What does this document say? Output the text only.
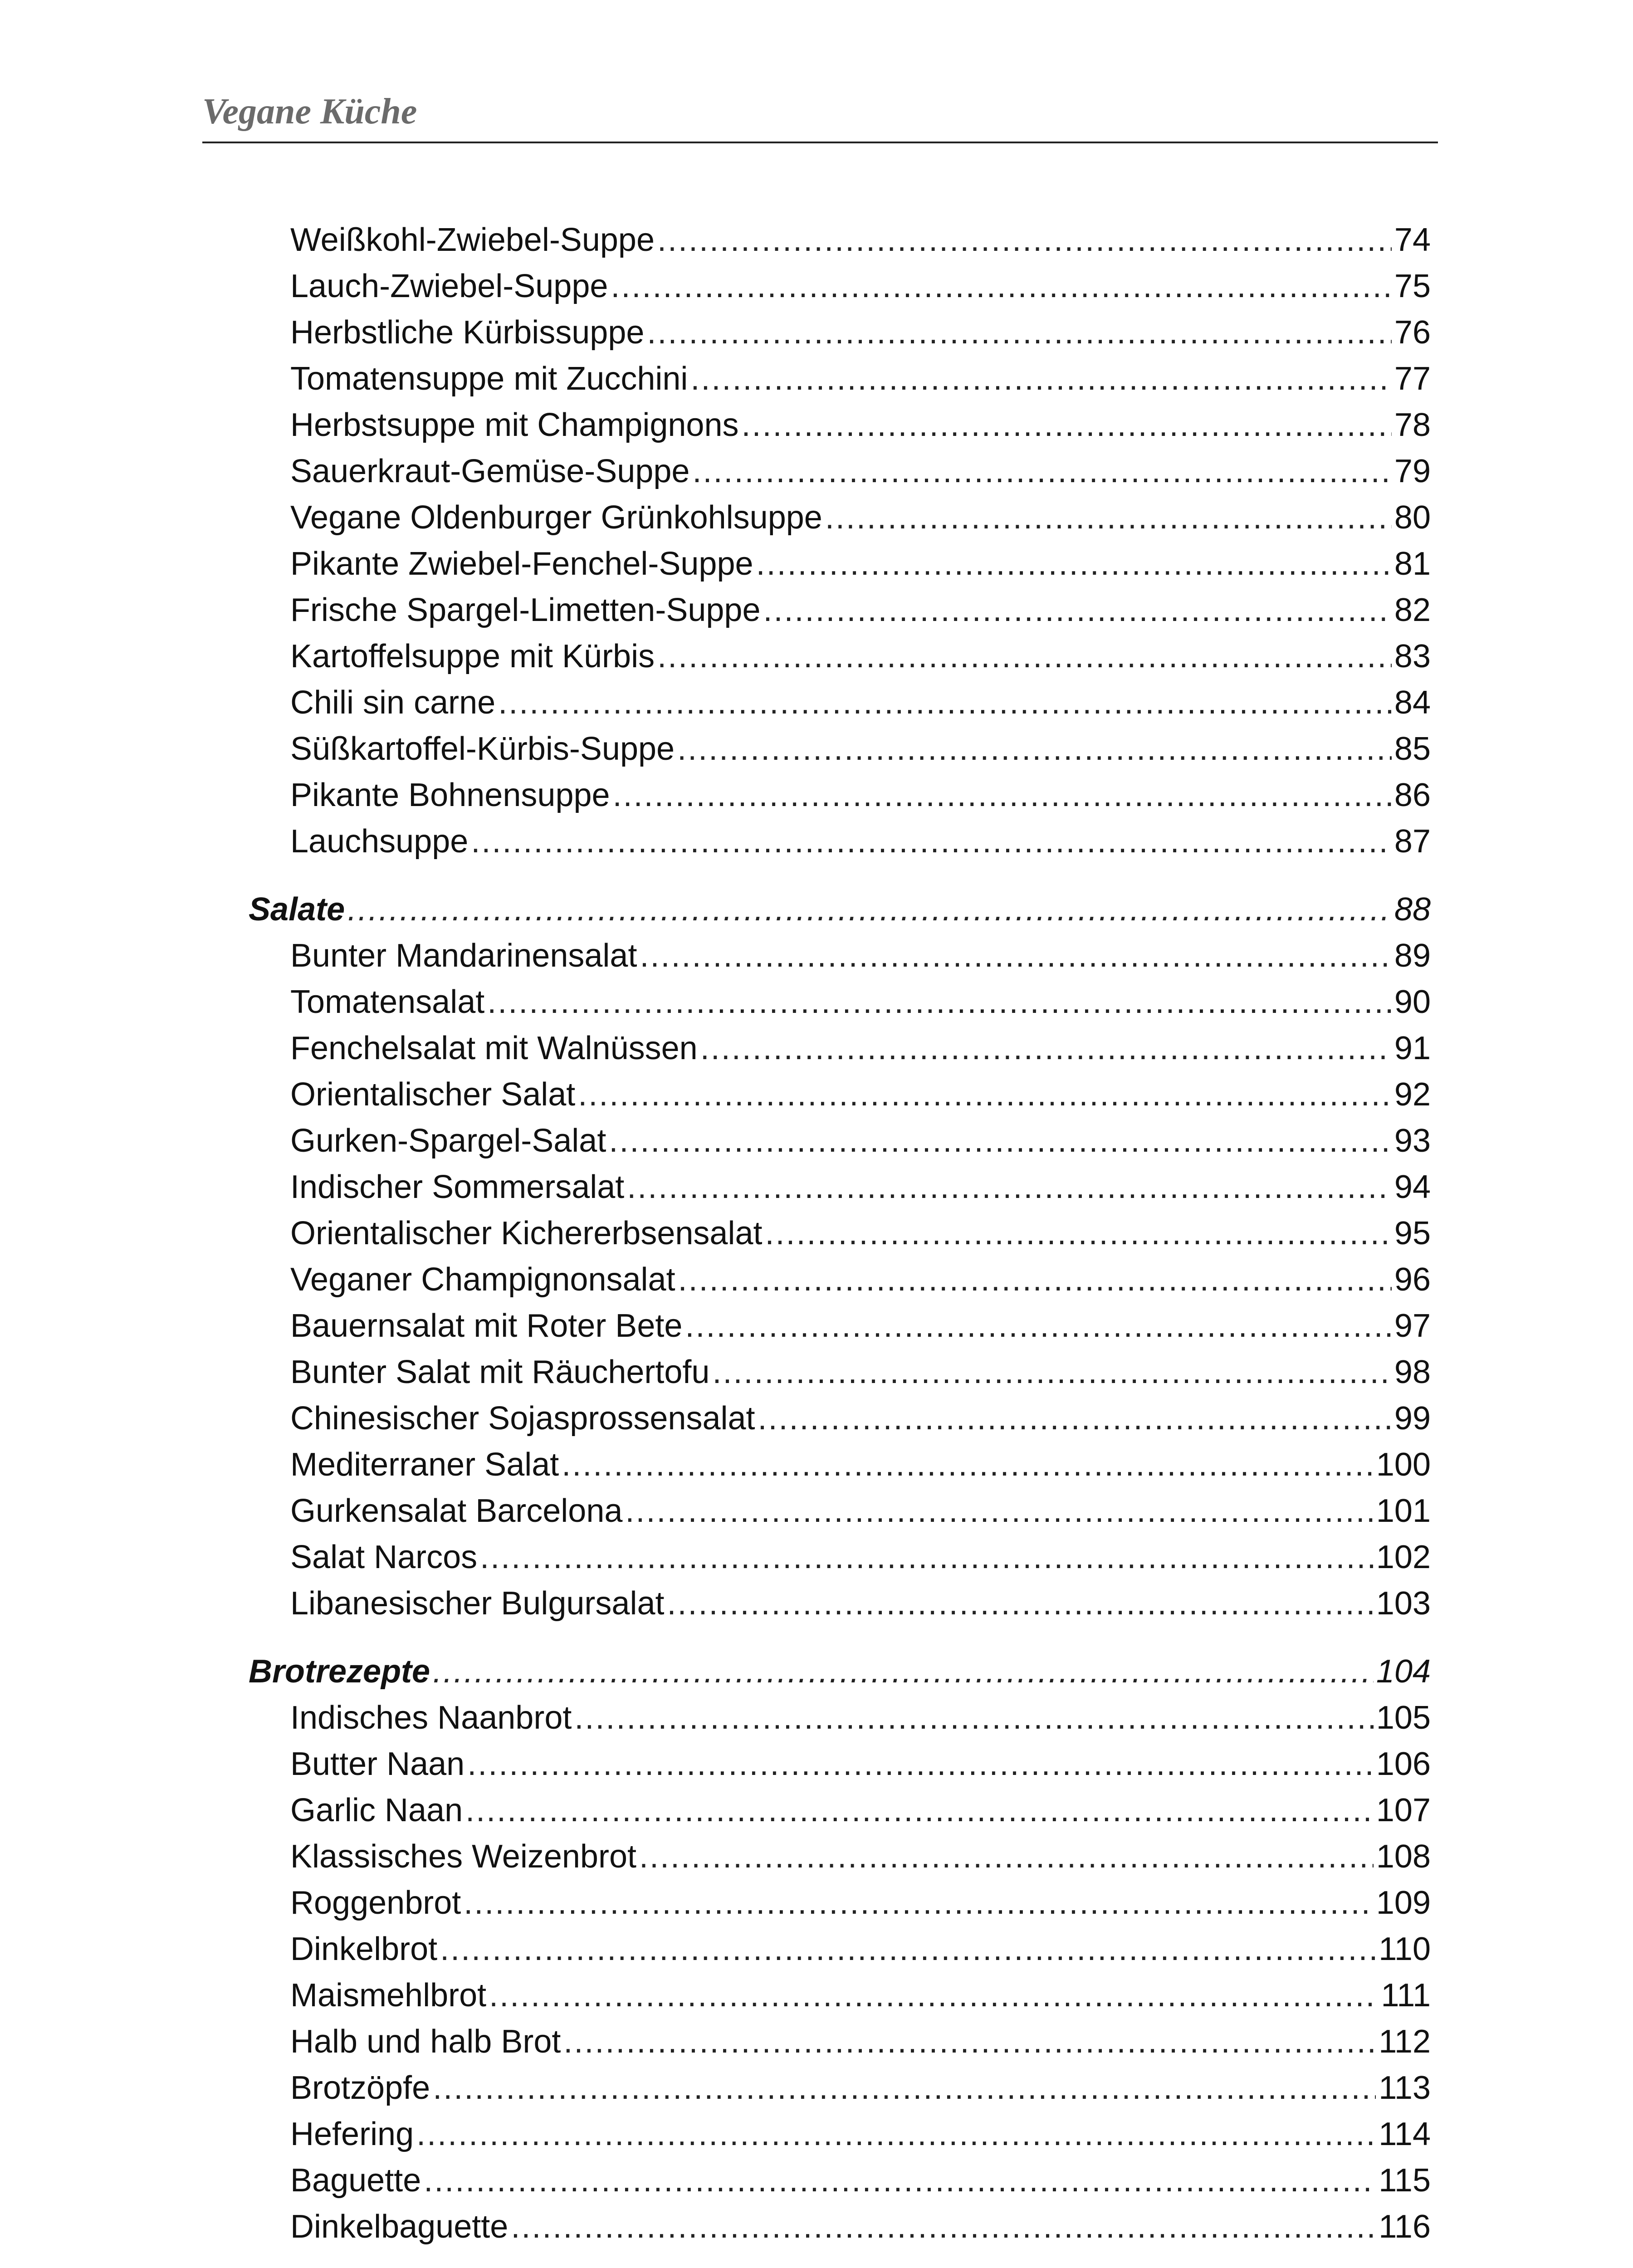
Vegane Küche
Weißkohl-Zwiebel-Suppe .....	74
Lauch-Zwiebel-Suppe .....	75
Herbstliche Kürbissuppe .....	76
Tomatensuppe mit Zucchini .....	77
Herbstsuppe mit Champignons .....	78
Sauerkraut-Gemüse-Suppe .....	79
Vegane Oldenburger Grünkohlsuppe .....	80
Pikante Zwiebel-Fenchel-Suppe .....	81
Frische Spargel-Limetten-Suppe .....	82
Kartoffelsuppe mit Kürbis .....	83
Chili sin carne .....	84
Süßkartoffel-Kürbis-Suppe .....	85
Pikante Bohnensuppe .....	86
Lauchsuppe .....	87
Salate .....	88
Bunter Mandarinensalat .....	89
Tomatensalat .....	90
Fenchelsalat mit Walnüssen .....	91
Orientalischer Salat .....	92
Gurken-Spargel-Salat .....	93
Indischer Sommersalat .....	94
Orientalischer Kichererbsensalat .....	95
Veganer Champignonsalat .....	96
Bauernsalat mit Roter Bete .....	97
Bunter Salat mit Räuchertofu .....	98
Chinesischer Sojasprossensalat .....	99
Mediterraner Salat .....	100
Gurkensalat Barcelona .....	101
Salat Narcos .....	102
Libanesischer Bulgursalat .....	103
Brotrezepte .....	104
Indisches Naanbrot .....	105
Butter Naan .....	106
Garlic Naan .....	107
Klassisches Weizenbrot .....	108
Roggenbrot .....	109
Dinkelbrot .....	110
Maismehlbrot .....	111
Halb und halb Brot .....	112
Brotzöpfe .....	113
Hefering .....	114
Baguette .....	115
Dinkelbaguette .....	116
